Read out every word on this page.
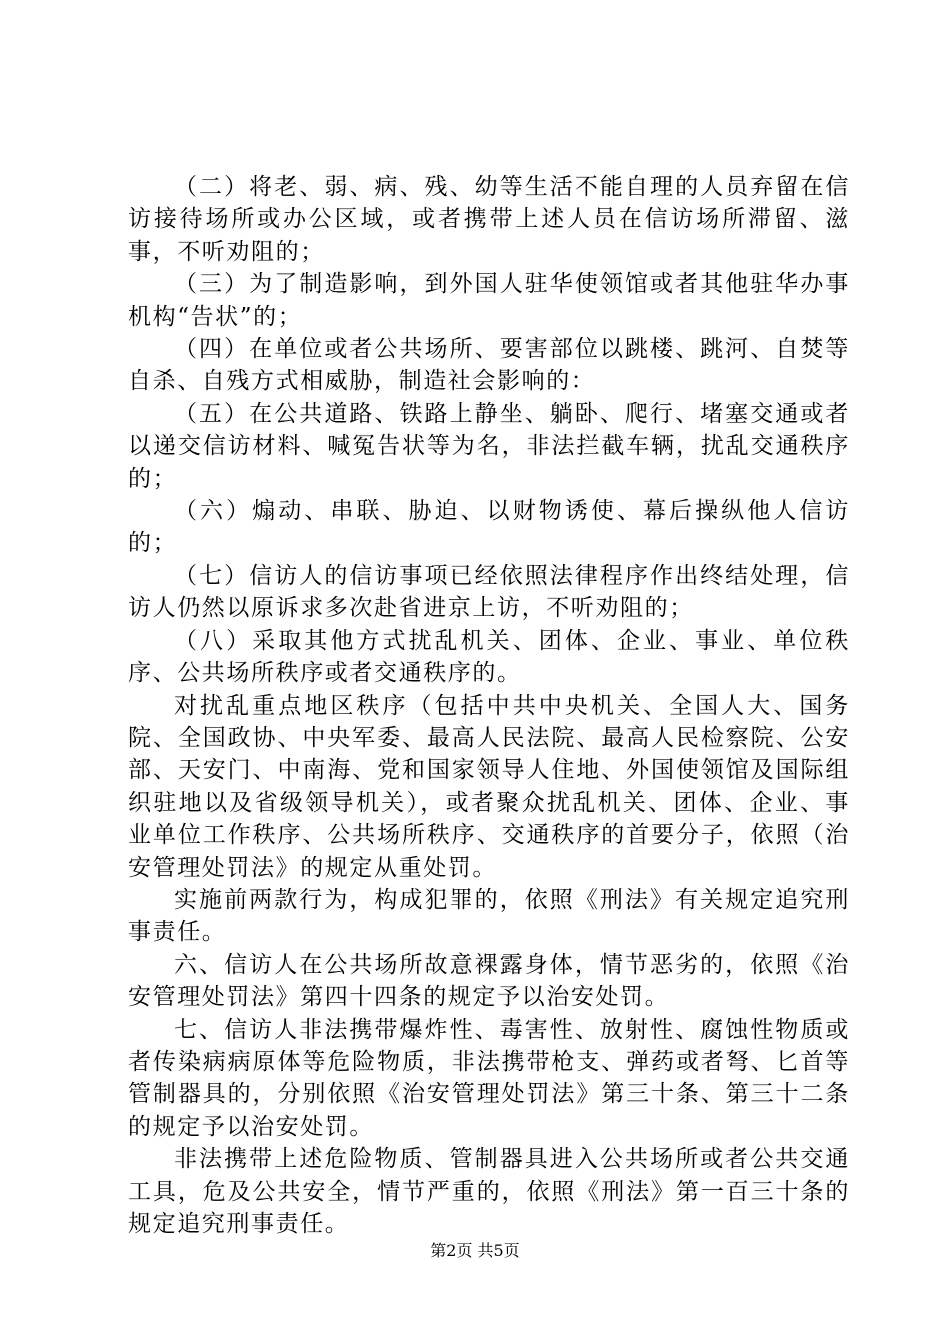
（二）将老、弱、病、残、幼等生活不能自理的人员弃留在信访接待场所或办公区域，或者携带上述人员在信访场所滞留、滋事，不听劝阻的；

（三）为了制造影响，到外国人驻华使领馆或者其他驻华办事机构“告状”的；

（四）在单位或者公共场所、要害部位以跳楼、跳河、自焚等自杀、自残方式相威胁，制造社会影响的：

（五）在公共道路、铁路上静坐、躺卧、爬行、堵塞交通或者以递交信访材料、喊冤告状等为名，非法拦截车辆，扰乱交通秩序的；

（六）煽动、串联、胁迫、以财物诱使、幕后操纵他人信访的；

（七）信访人的信访事项已经依照法律程序作出终结处理，信访人仍然以原诉求多次赴省进京上访，不听劝阻的；

（八）采取其他方式扰乱机关、团体、企业、事业、单位秩序、公共场所秩序或者交通秩序的。

对扰乱重点地区秩序（包括中共中央机关、全国人大、国务院、全国政协、中央军委、最高人民法院、最高人民检察院、公安部、天安门、中南海、党和国家领导人住地、外国使领馆及国际组织驻地以及省级领导机关），或者聚众扰乱机关、团体、企业、事业单位工作秩序、公共场所秩序、交通秩序的首要分子，依照（治安管理处罚法》的规定从重处罚。

实施前两款行为，构成犯罪的，依照《刑法》有关规定追究刑事责任。

六、信访人在公共场所故意裸露身体，情节恶劣的，依照《治安管理处罚法》第四十四条的规定予以治安处罚。

七、信访人非法携带爆炸性、毒害性、放射性、腐蚀性物质或者传染病病原体等危险物质，非法携带枪支、弹药或者弩、匕首等管制器具的，分别依照《治安管理处罚法》第三十条、第三十二条的规定予以治安处罚。

非法携带上述危险物质、管制器具进入公共场所或者公共交通工具，危及公共安全，情节严重的，依照《刑法》第一百三十条的规定追究刑事责任。

第2页 共5页
